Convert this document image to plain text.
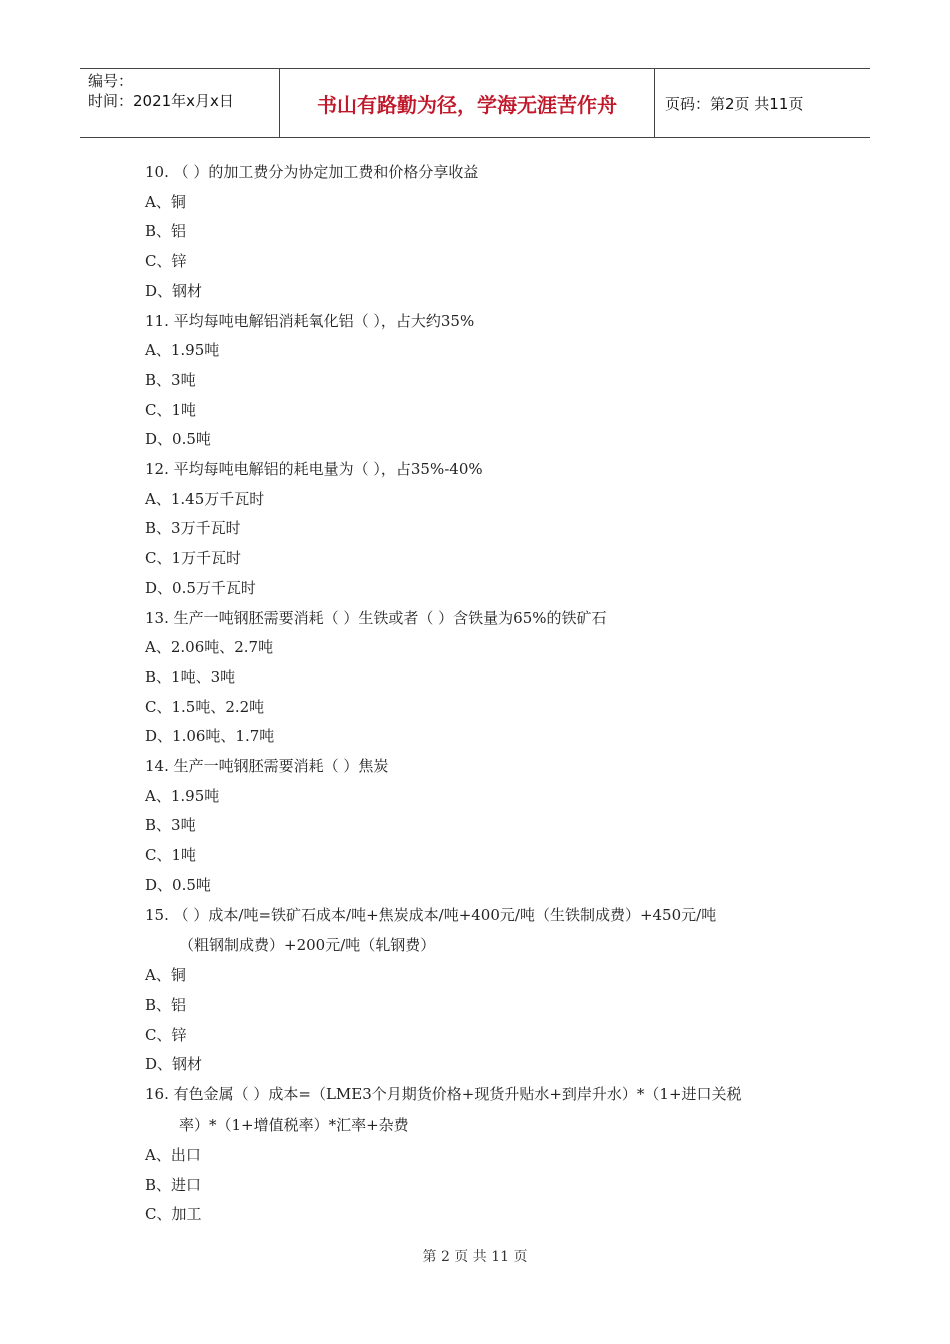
编号：
时间：2021年x月x日	书山有路勤为径，学海无涯苦作舟	页码：第2页 共11页
10. （ ）的加工费分为协定加工费和价格分享收益
A、铜
B、铝
C、锌
D、钢材
11. 平均每吨电解铝消耗氧化铝（ ），占大约35%
A、1.95吨
B、3吨
C、1吨
D、0.5吨
12. 平均每吨电解铝的耗电量为（ ），占35%-40%
A、1.45万千瓦时
B、3万千瓦时
C、1万千瓦时
D、0.5万千瓦时
13. 生产一吨钢胚需要消耗（ ）生铁或者（ ）含铁量为65%的铁矿石
A、2.06吨、2.7吨
B、1吨、3吨
C、1.5吨、2.2吨
D、1.06吨、1.7吨
14. 生产一吨钢胚需要消耗（ ）焦炭
A、1.95吨
B、3吨
C、1吨
D、0.5吨
15. （ ）成本/吨=铁矿石成本/吨+焦炭成本/吨+400元/吨（生铁制成费）+450元/吨
（粗钢制成费）+200元/吨（轧钢费）
A、铜
B、铝
C、锌
D、钢材
16. 有色金属（ ）成本=（LME3个月期货价格+现货升贴水+到岸升水）*（1+进口关税
率）*（1+增值税率）*汇率+杂费
A、出口
B、进口
C、加工
第 2 页 共 11 页
